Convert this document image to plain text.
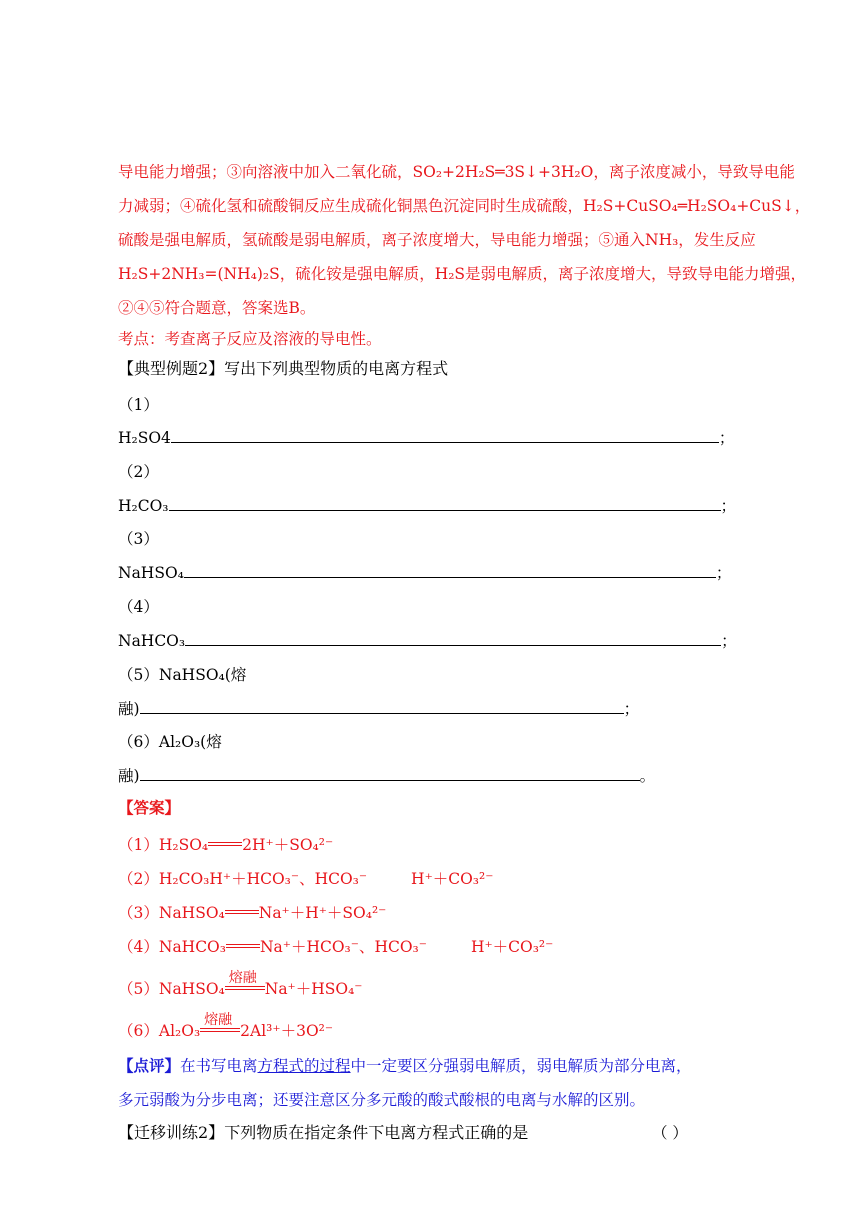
导电能力增强；③向溶液中加入二氧化硫，SO₂+2H₂S═3S↓+3H₂O，离子浓度减小，导致导电能
力减弱；④硫化氢和硫酸铜反应生成硫化铜黑色沉淀同时生成硫酸，H₂S+CuSO₄═H₂SO₄+CuS↓，
硫酸是强电解质，氢硫酸是弱电解质，离子浓度增大，导电能力增强；⑤通入NH₃，发生反应
H₂S+2NH₃=(NH₄)₂S，硫化铵是强电解质，H₂S是弱电解质，离子浓度增大，导致导电能力增强，
②④⑤符合题意，答案选B。
考点：考查离子反应及溶液的导电性。
【典型例题2】写出下列典型物质的电离方程式
（1）
H₂SO4	；
（2）
H₂CO₃	；
（3）
NaHSO₄	；
（4）
NaHCO₃	；
（5）NaHSO₄(熔
融)	；
（6）Al₂O₃(熔
融)	。
【答案】
（1）H₂SO₄ 2H⁺＋SO₄²⁻
（2）H₂CO₃H⁺＋HCO₃⁻、HCO₃⁻	H⁺＋CO₃²⁻
（3）NaHSO₄ Na⁺＋H⁺＋SO₄²⁻
（4）NaHCO₃ Na⁺＋HCO₃⁻、HCO₃⁻	H⁺＋CO₃²⁻
（5）NaHSO₄
熔融
Na⁺＋HSO₄⁻
（6）Al₂O₃
熔融
2Al³⁺＋3O²⁻
【点评】在书写电离方程式的过程中一定要区分强弱电解质，弱电解质为部分电离，
多元弱酸为分步电离；还要注意区分多元酸的酸式酸根的电离与水解的区别。
【迁移训练2】下列物质在指定条件下电离方程式正确的是	（ ）
